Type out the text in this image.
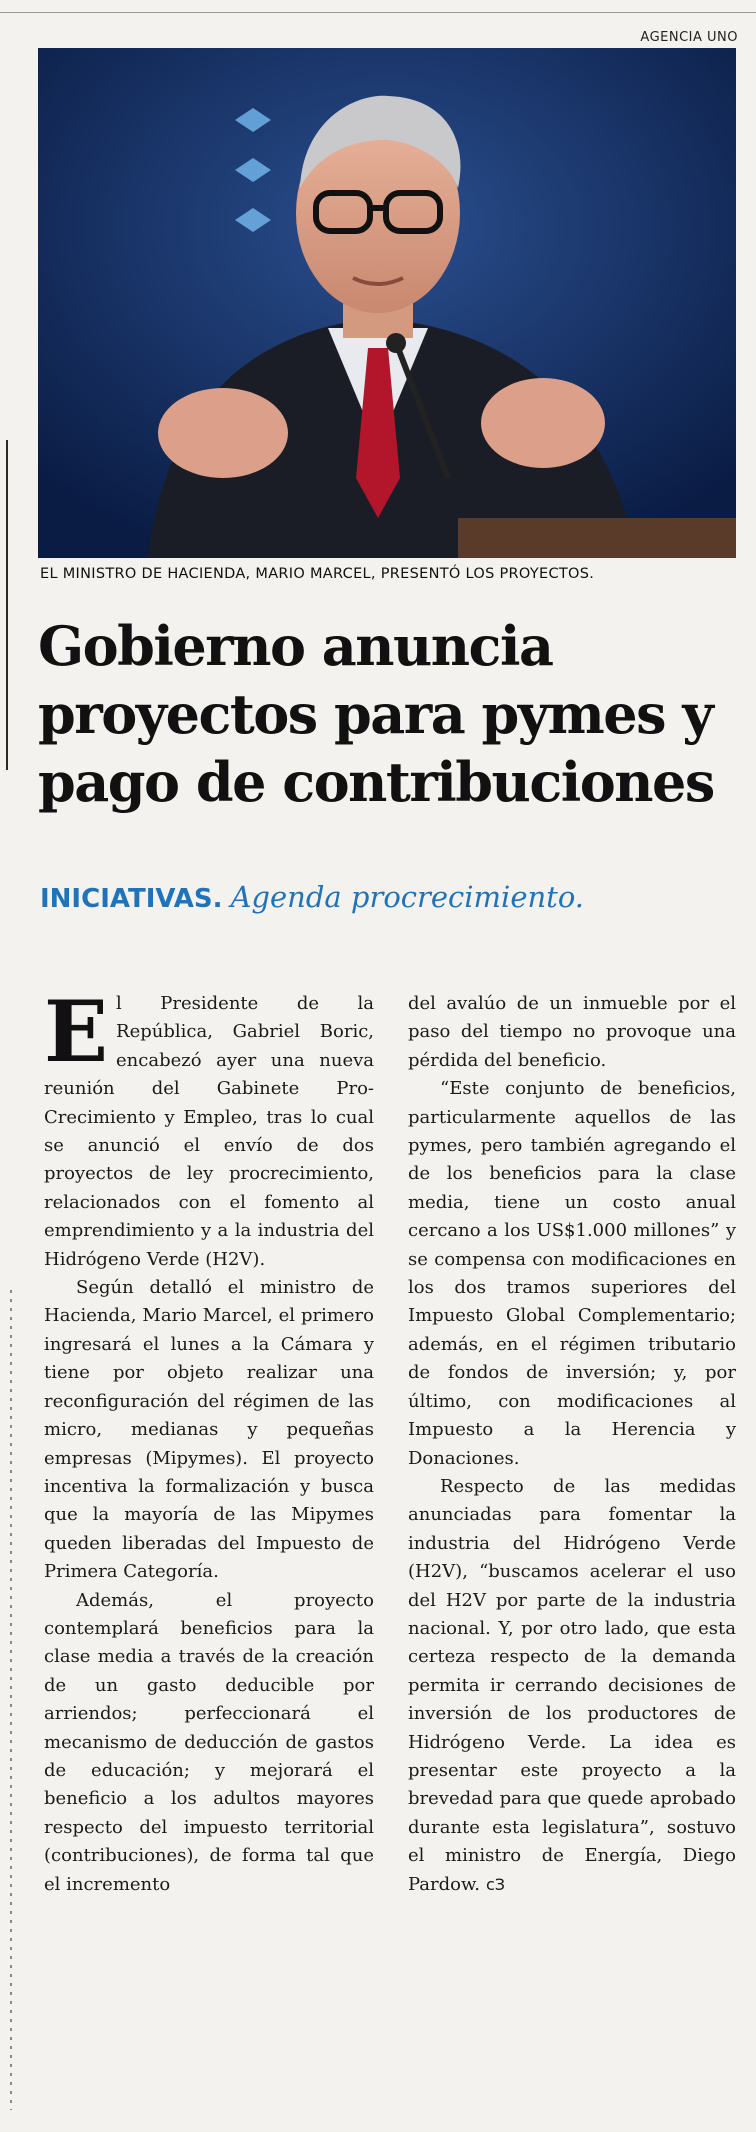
AGENCIA UNO
EL MINISTRO DE HACIENDA, MARIO MARCEL, PRESENTÓ LOS PROYECTOS.
Gobierno anuncia
proyectos para pymes y
pago de contribuciones
INICIATIVAS. Agenda procrecimiento.

El Presidente de la República, Gabriel Boric, encabezó ayer una nueva reunión del Gabinete Pro-Crecimiento y Empleo, tras lo cual se anunció el envío de dos proyectos de ley procrecimiento, relacionados con el fomento al emprendimiento y a la industria del Hidrógeno Verde (H2V).

Según detalló el ministro de Hacienda, Mario Marcel, el primero ingresará el lunes a la Cámara y tiene por objeto realizar una reconfiguración del régimen de las micro, medianas y pequeñas empresas (Mipymes). El proyecto incentiva la formalización y busca que la mayoría de las Mipymes queden liberadas del Impuesto de Primera Categoría.

Además, el proyecto contemplará beneficios para la clase media a través de la creación de un gasto deducible por arriendos; perfeccionará el mecanismo de deducción de gastos de educación; y mejorará el beneficio a los adultos mayores respecto del impuesto territorial (contribuciones), de forma tal que el incremento

del avalúo de un inmueble por el paso del tiempo no provoque una pérdida del beneficio.

“Este conjunto de beneficios, particularmente aquellos de las pymes, pero también agregando el de los beneficios para la clase media, tiene un costo anual cercano a los US$1.000 millones” y se compensa con modificaciones en los dos tramos superiores del Impuesto Global Complementario; además, en el régimen tributario de fondos de inversión; y, por último, con modificaciones al Impuesto a la Herencia y Donaciones.

Respecto de las medidas anunciadas para fomentar la industria del Hidrógeno Verde (H2V), “buscamos acelerar el uso del H2V por parte de la industria nacional. Y, por otro lado, que esta certeza respecto de la demanda permita ir cerrando decisiones de inversión de los productores de Hidrógeno Verde. La idea es presentar este proyecto a la brevedad para que quede aprobado durante esta legislatura”, sostuvo el ministro de Energía, Diego Pardow. ᴄЗ
